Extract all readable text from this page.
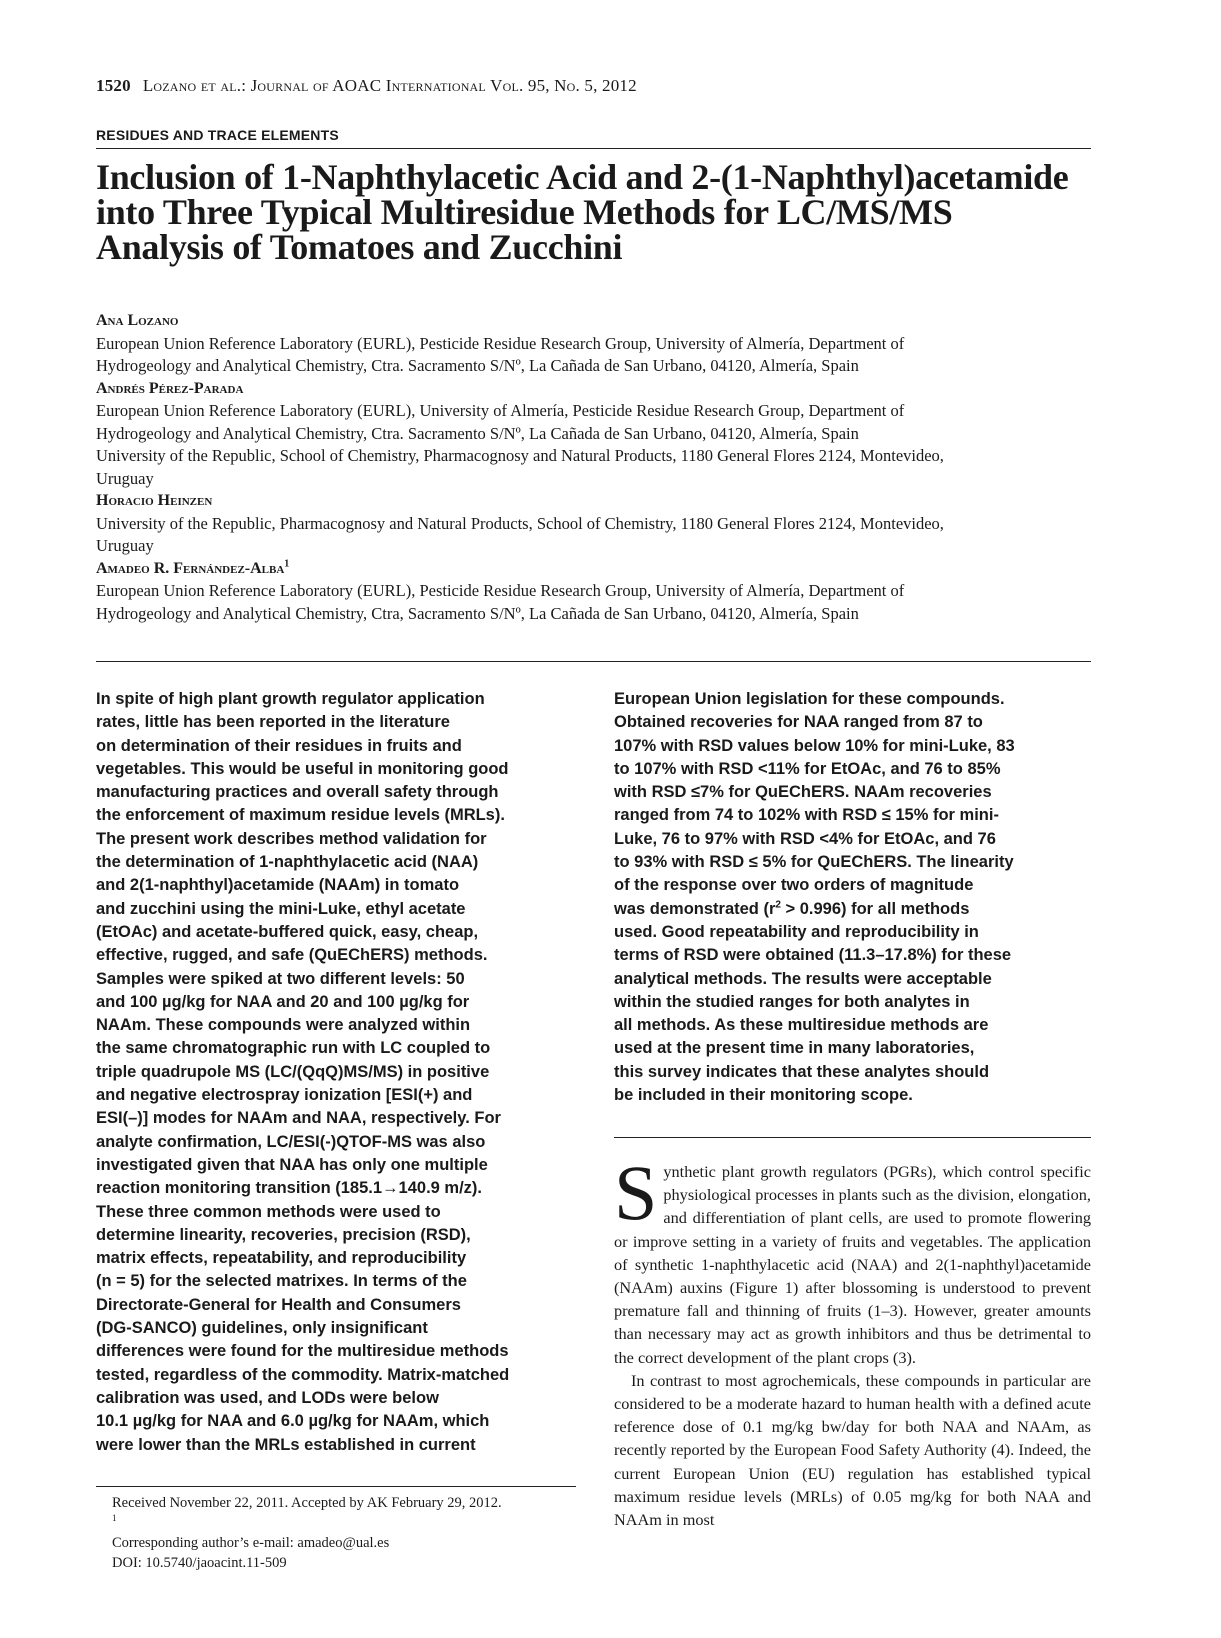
1520 Lozano et al.: Journal of AOAC International Vol. 95, No. 5, 2012
RESIDUES AND TRACE ELEMENTS
Inclusion of 1-Naphthylacetic Acid and 2-(1-Naphthyl)acetamide
into Three Typical Multiresidue Methods for LC/MS/MS
Analysis of Tomatoes and Zucchini
Ana Lozano
European Union Reference Laboratory (EURL), Pesticide Residue Research Group, University of Almería, Department of
Hydrogeology and Analytical Chemistry, Ctra. Sacramento S/Nº, La Cañada de San Urbano, 04120, Almería, Spain
Andrés Pérez-Parada
European Union Reference Laboratory (EURL), University of Almería, Pesticide Residue Research Group, Department of
Hydrogeology and Analytical Chemistry, Ctra. Sacramento S/Nº, La Cañada de San Urbano, 04120, Almería, Spain
University of the Republic, School of Chemistry, Pharmacognosy and Natural Products, 1180 General Flores 2124, Montevideo,
Uruguay
Horacio Heinzen
University of the Republic, Pharmacognosy and Natural Products, School of Chemistry, 1180 General Flores 2124, Montevideo,
Uruguay
Amadeo R. Fernández-Alba$^1$
European Union Reference Laboratory (EURL), Pesticide Residue Research Group, University of Almería, Department of
Hydrogeology and Analytical Chemistry, Ctra, Sacramento S/Nº, La Cañada de San Urbano, 04120, Almería, Spain
In spite of high plant growth regulator application
rates, little has been reported in the literature
on determination of their residues in fruits and
vegetables. This would be useful in monitoring good
manufacturing practices and overall safety through
the enforcement of maximum residue levels (MRLs).
The present work describes method validation for
the determination of 1-naphthylacetic acid (NAA)
and 2(1-naphthyl)acetamide (NAAm) in tomato
and zucchini using the mini-Luke, ethyl acetate
(EtOAc) and acetate-buffered quick, easy, cheap,
effective, rugged, and safe (QuEChERS) methods.
Samples were spiked at two different levels: 50
and 100 µg/kg for NAA and 20 and 100 µg/kg for
NAAm. These compounds were analyzed within
the same chromatographic run with LC coupled to
triple quadrupole MS (LC/(QqQ)MS/MS) in positive
and negative electrospray ionization [ESI(+) and
ESI(–)] modes for NAAm and NAA, respectively. For
analyte confirmation, LC/ESI(-)QTOF-MS was also
investigated given that NAA has only one multiple
reaction monitoring transition (185.1→140.9 m/z).
These three common methods were used to
determine linearity, recoveries, precision (RSD),
matrix effects, repeatability, and reproducibility
(n = 5) for the selected matrixes. In terms of the
Directorate-General for Health and Consumers
(DG-SANCO) guidelines, only insignificant
differences were found for the multiresidue methods
tested, regardless of the commodity. Matrix-matched
calibration was used, and LODs were below
10.1 µg/kg for NAA and 6.0 µg/kg for NAAm, which
were lower than the MRLs established in current
European Union legislation for these compounds.
Obtained recoveries for NAA ranged from 87 to
107% with RSD values below 10% for mini-Luke, 83
to 107% with RSD <11% for EtOAc, and 76 to 85%
with RSD ≤7% for QuEChERS. NAAm recoveries
ranged from 74 to 102% with RSD ≤ 15% for mini-
Luke, 76 to 97% with RSD <4% for EtOAc, and 76
to 93% with RSD ≤ 5% for QuEChERS. The linearity
of the response over two orders of magnitude
was demonstrated $(r^2 > 0.996)$ for all methods
used. Good repeatability and reproducibility in
terms of RSD were obtained (11.3–17.8%) for these
analytical methods. The results were acceptable
within the studied ranges for both analytes in
all methods. As these multiresidue methods are
used at the present time in many laboratories,
this survey indicates that these analytes should
be included in their monitoring scope.

Synthetic plant growth regulators (PGRs), which control specific physiological processes in plants such as the division, elongation, and differentiation of plant cells, are used to promote flowering or improve setting in a variety of fruits and vegetables. The application of synthetic 1-naphthylacetic acid (NAA) and 2(1-naphthyl)acetamide (NAAm) auxins (Figure 1) after blossoming is understood to prevent premature fall and thinning of fruits (1–3). However, greater amounts than necessary may act as growth inhibitors and thus be detrimental to the correct development of the plant crops (3).

In contrast to most agrochemicals, these compounds in particular are considered to be a moderate hazard to human health with a defined acute reference dose of 0.1 mg/kg bw/day for both NAA and NAAm, as recently reported by the European Food Safety Authority (4). Indeed, the current European Union (EU) regulation has established typical maximum residue levels (MRLs) of 0.05 mg/kg for both NAA and NAAm in most

Received November 22, 2011. Accepted by AK February 29, 2012.
$^1$
Corresponding author’s e-mail: amadeo@ual.es
DOI: 10.5740/jaoacint.11-509
